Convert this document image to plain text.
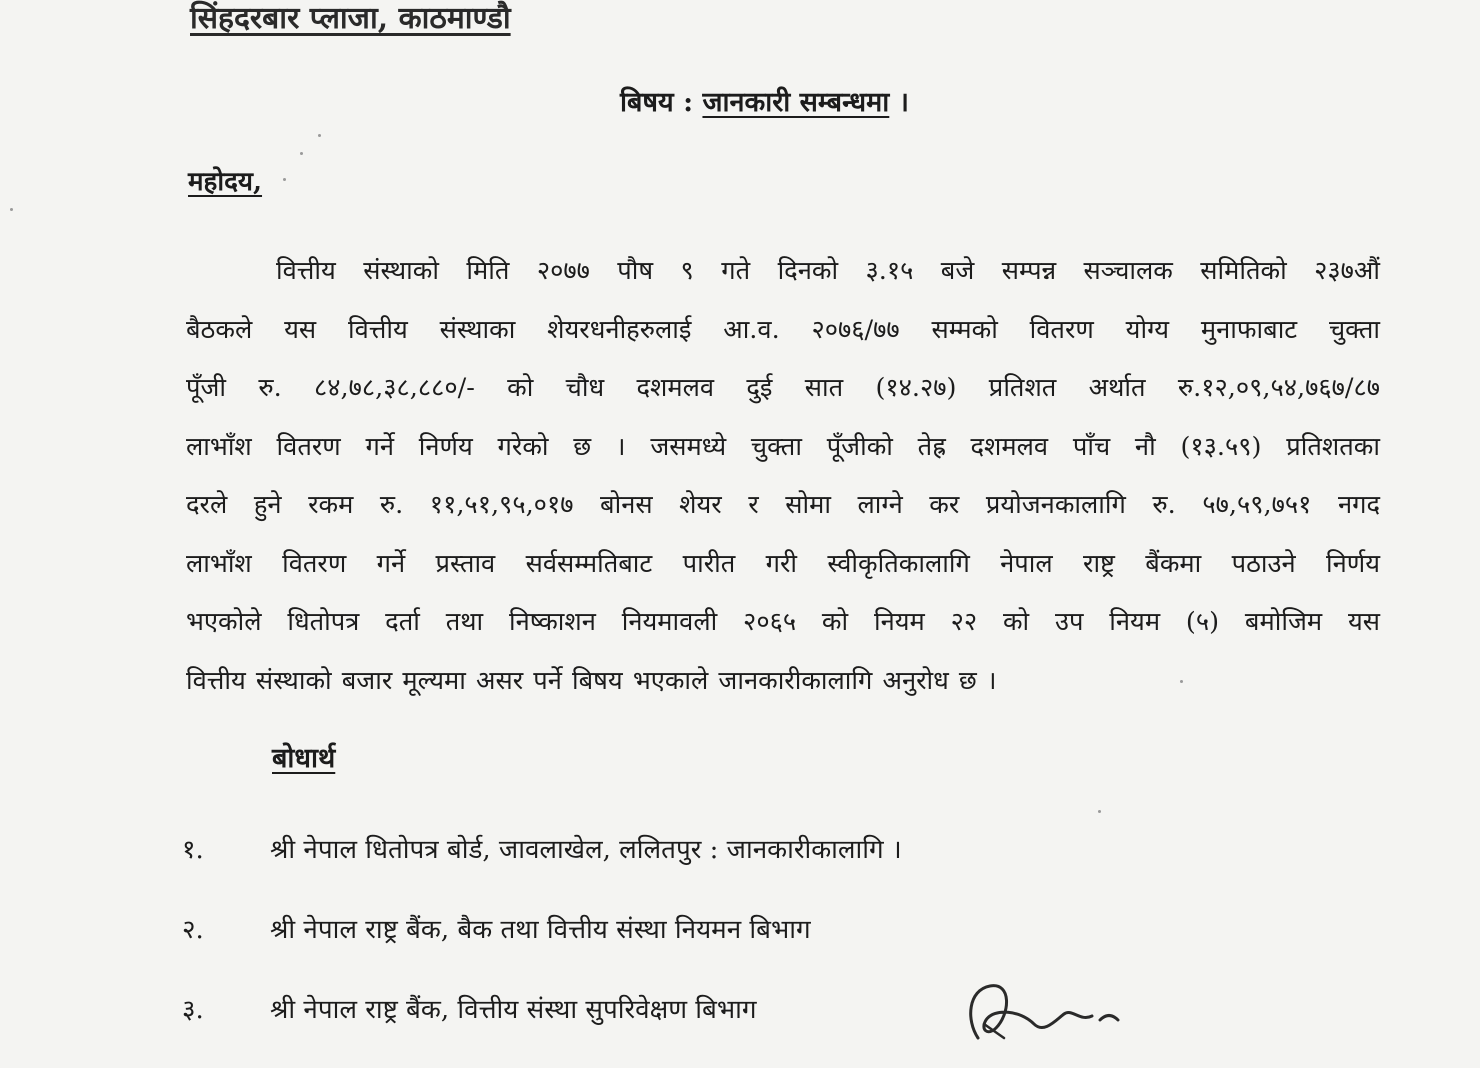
सिंहदरबार प्लाजा, काठमाण्डौ
बिषय : जानकारी सम्बन्धमा ।
महोदय,
वित्तीय संस्थाको मिति २०७७ पौष ९ गते दिनको ३.१५ बजे सम्पन्न सञ्चालक समितिको २३७औं
बैठकले यस वित्तीय संस्थाका शेयरधनीहरुलाई आ.व. २०७६/७७ सम्मको वितरण योग्य मुनाफाबाट चुक्ता
पूँजी रु. ८४,७८,३८,८८०/- को चौध दशमलव दुई सात (१४.२७) प्रतिशत अर्थात रु.१२,०९,५४,७६७/८७
लाभाँश वितरण गर्ने निर्णय गरेको छ । जसमध्ये चुक्ता पूँजीको तेह्र दशमलव पाँच नौ (१३.५९) प्रतिशतका
दरले हुने रकम रु. ११,५१,९५,०१७ बोनस शेयर र सोमा लाग्ने कर प्रयोजनकालागि रु. ५७,५९,७५१ नगद
लाभाँश वितरण गर्ने प्रस्ताव सर्वसम्मतिबाट पारीत गरी स्वीकृतिकालागि नेपाल राष्ट्र बैंकमा पठाउने निर्णय
भएकोले धितोपत्र दर्ता तथा निष्काशन नियमावली २०६५ को नियम २२ को उप नियम (५) बमोजिम यस
वित्तीय संस्थाको बजार मूल्यमा असर पर्ने बिषय भएकाले जानकारीकालागि अनुरोध छ ।
बोधार्थ
१.	श्री नेपाल धितोपत्र बोर्ड, जावलाखेल, ललितपुर : जानकारीकालागि ।
२.	श्री नेपाल राष्ट्र बैंक, बैक तथा वित्तीय संस्था नियमन बिभाग
३.	श्री नेपाल राष्ट्र बैंक, वित्तीय संस्था सुपरिवेक्षण बिभाग
